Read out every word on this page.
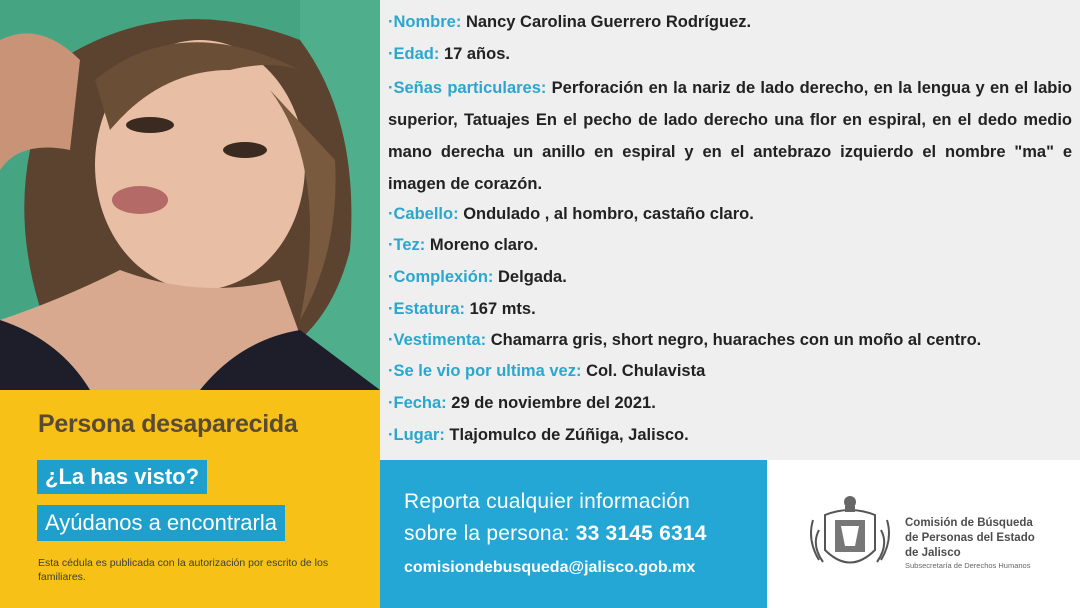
·Nombre: Nancy Carolina Guerrero Rodríguez.
·Edad: 17 años.
·Señas particulares: Perforación en la nariz de lado derecho, en la lengua y en el labio superior, Tatuajes En el pecho de lado derecho una flor en espiral, en el dedo medio mano derecha un anillo en espiral y en el antebrazo izquierdo el nombre "ma" e imagen de corazón.
·Cabello: Ondulado , al hombro, castaño claro.
·Tez: Moreno claro.
·Complexión: Delgada.
·Estatura: 167 mts.
·Vestimenta: Chamarra gris, short negro, huaraches con un moño al centro.
·Se le vio por ultima vez: Col. Chulavista
·Fecha: 29 de noviembre del 2021.
·Lugar: Tlajomulco de Zúñiga, Jalisco.
Persona desaparecida
¿La has visto?
Ayúdanos a encontrarla
Esta cédula es publicada con la autorización por escrito de los familiares.
Reporta cualquier información
sobre la persona: 33 3145 6314
comisiondebusqueda@jalisco.gob.mx
Comisión de Búsqueda
de Personas del Estado
de Jalisco
Subsecretaría de Derechos Humanos
